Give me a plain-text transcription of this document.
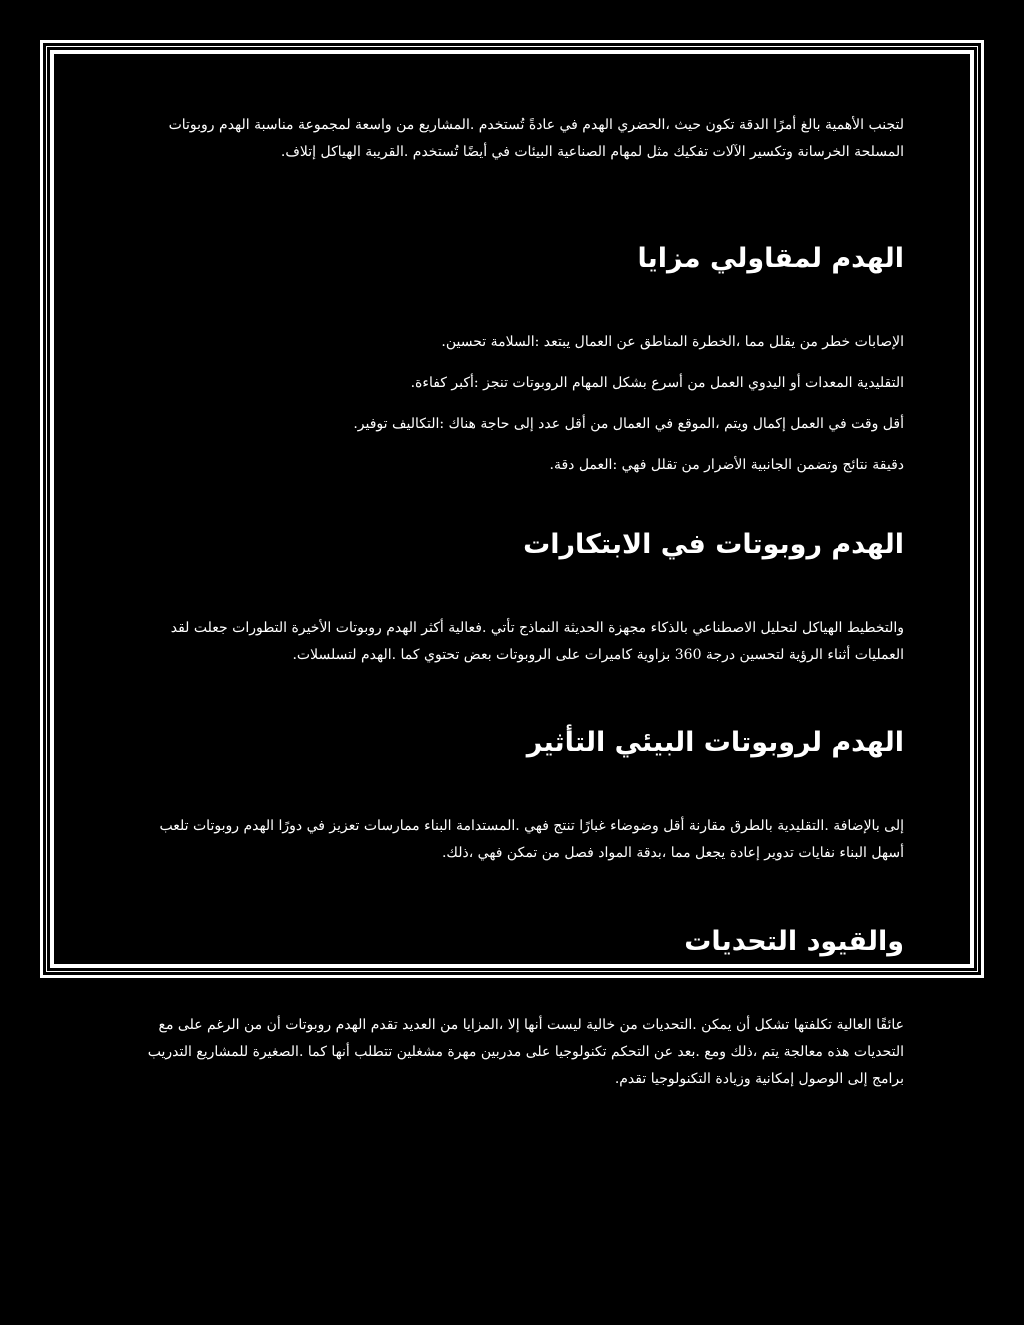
لتجنب الأهمية بالغ أمرًا الدقة تكون حيث ،الحضري الهدم في عادةً تُستخدم .المشاريع من واسعة لمجموعة مناسبة الهدم روبوتات المسلحة الخرسانة وتكسير الآلات تفكيك مثل لمهام الصناعية البيئات في أيضًا تُستخدم .القريبة الهياكل إتلاف.

الهدم لمقاولي مزايا
الإصابات خطر من يقلل مما ،الخطرة المناطق عن العمال يبتعد :السلامة تحسين.
التقليدية المعدات أو اليدوي العمل من أسرع بشكل المهام الروبوتات تنجز :أكبر كفاءة.
أقل وقت في العمل إكمال ويتم ،الموقع في العمال من أقل عدد إلى حاجة هناك :التكاليف توفير.
دقيقة نتائج وتضمن الجانبية الأضرار من تقلل فهي :العمل دقة.
الهدم روبوتات في الابتكارات

والتخطيط الهياكل لتحليل الاصطناعي بالذكاء مجهزة الحديثة النماذج تأتي .فعالية أكثر الهدم روبوتات الأخيرة التطورات جعلت لقد العمليات أثناء الرؤية لتحسين درجة 360 بزاوية كاميرات على الروبوتات بعض تحتوي كما .الهدم لتسلسلات.

الهدم لروبوتات البيئي التأثير

إلى بالإضافة .التقليدية بالطرق مقارنة أقل وضوضاء غبارًا تنتج فهي .المستدامة البناء ممارسات تعزيز في دورًا الهدم روبوتات تلعب أسهل البناء نفايات تدوير إعادة يجعل مما ،بدقة المواد فصل من تمكن فهي ،ذلك.

والقيود التحديات

عائقًا العالية تكلفتها تشكل أن يمكن .التحديات من خالية ليست أنها إلا ،المزايا من العديد تقدم الهدم روبوتات أن من الرغم على مع التحديات هذه معالجة يتم ،ذلك ومع .بعد عن التحكم تكنولوجيا على مدربين مهرة مشغلين تتطلب أنها كما .الصغيرة للمشاريع التدريب برامج إلى الوصول إمكانية وزيادة التكنولوجيا تقدم.
